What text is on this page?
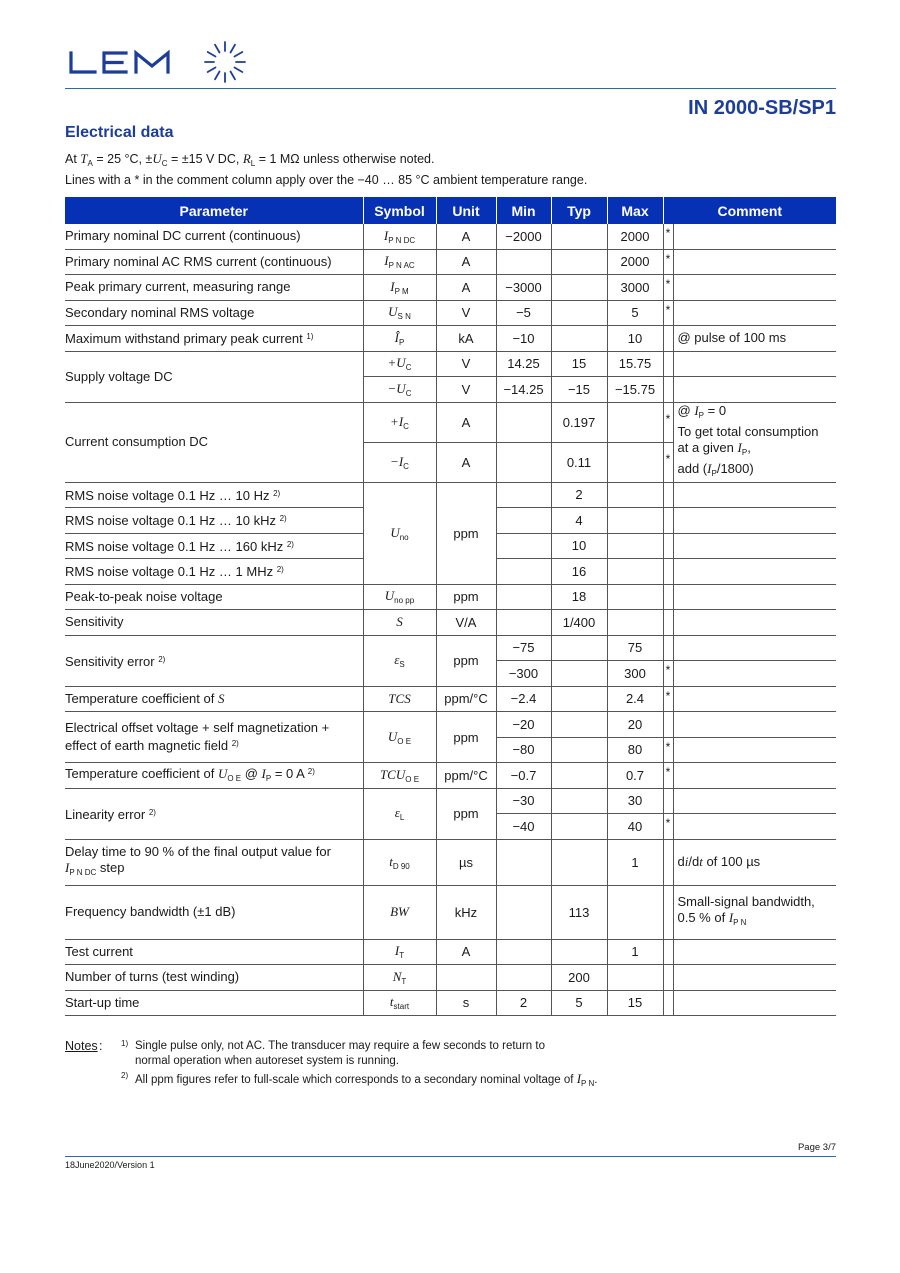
IN 2000-SB/SP1
Electrical data
At $T_A = 25$ °C, $\pm U_C = \pm 15$ V DC, $R_L = 1$ MΩ unless otherwise noted.
Lines with a * in the comment column apply over the −40 … 85 °C ambient temperature range.
Parameter	Symbol	Unit	Min	Typ	Max	Comment	
Primary nominal DC current (continuous)	$I_{P N DC}$	A	−2000		2000	*	
Primary nominal AC RMS current (continuous)	$I_{P N AC}$	A			2000	*	
Peak primary current, measuring range	$I_{P M}$	A	−3000		3000	*	
Secondary nominal RMS voltage	$U_{S N}$	V	−5		5	*	
Maximum withstand primary peak current $^{1)}$	$Î_P$	kA	−10		10		@ pulse of 100 ms
Supply voltage DC	$+U_C$	V	14.25	15	15.75		
	$-U_C$	V	−14.25	−15	−15.75		
Current consumption DC	$+I_C$	A		0.197		*	@ $I_P = 0$
To get total consumption
at a given $I_P$,
add $(I_P/1800)$

	$-I_C$	A		0.11		*	
RMS noise voltage 0.1 Hz … 10 Hz $^{2)}$	$U_{no}$	ppm		2			
RMS noise voltage 0.1 Hz … 10 kHz $^{2)}$				4			
RMS noise voltage 0.1 Hz … 160 kHz $^{2)}$				10			
RMS noise voltage 0.1 Hz … 1 MHz $^{2)}$				16			
Peak-to-peak noise voltage	$U_{no pp}$	ppm		18			
Sensitivity	S	V/A		1/400			
Sensitivity error $^{2)}$	$\varepsilon_S$	ppm	−75		75		
			−300		300	*	
Temperature coefficient of S	TCS	ppm/°C	−2.4		2.4	*	

Electrical offset voltage + self magnetization +
effect of earth magnetic field $^{2)}$	$U_{O E}$	ppm	−20		20		
			−80		80	*	
Temperature coefficient of $U_{O E}$ @ $I_P = 0$ A $^{2)}$	$TCU_{O E}$	ppm/°C	−0.7		0.7	*	
Linearity error $^{2)}$	$\varepsilon_L$	ppm	−30		30		
			−40		40	*	

Delay time to 90 % of the final output value for
$I_{P N DC}$ step	$t_{D 90}$	µs			1		di/dt of 100 µs
Frequency bandwidth (±1 dB)	BW	kHz		113			Small-signal bandwidth,
0.5 % of $I_{P N}$

Test current	$I_T$	A			1		
Number of turns (test winding)	$N_T$			200			
Start-up time	$t_{start}$	s	2	5	15		
Notes : 1) Single pulse only, not AC. The transducer may require a few seconds to return to
normal operation when autoreset system is running.
2) All ppm figures refer to full-scale which corresponds to a secondary nominal voltage of $I_{P N}$.
Page 3/7
18June2020/Version 1
